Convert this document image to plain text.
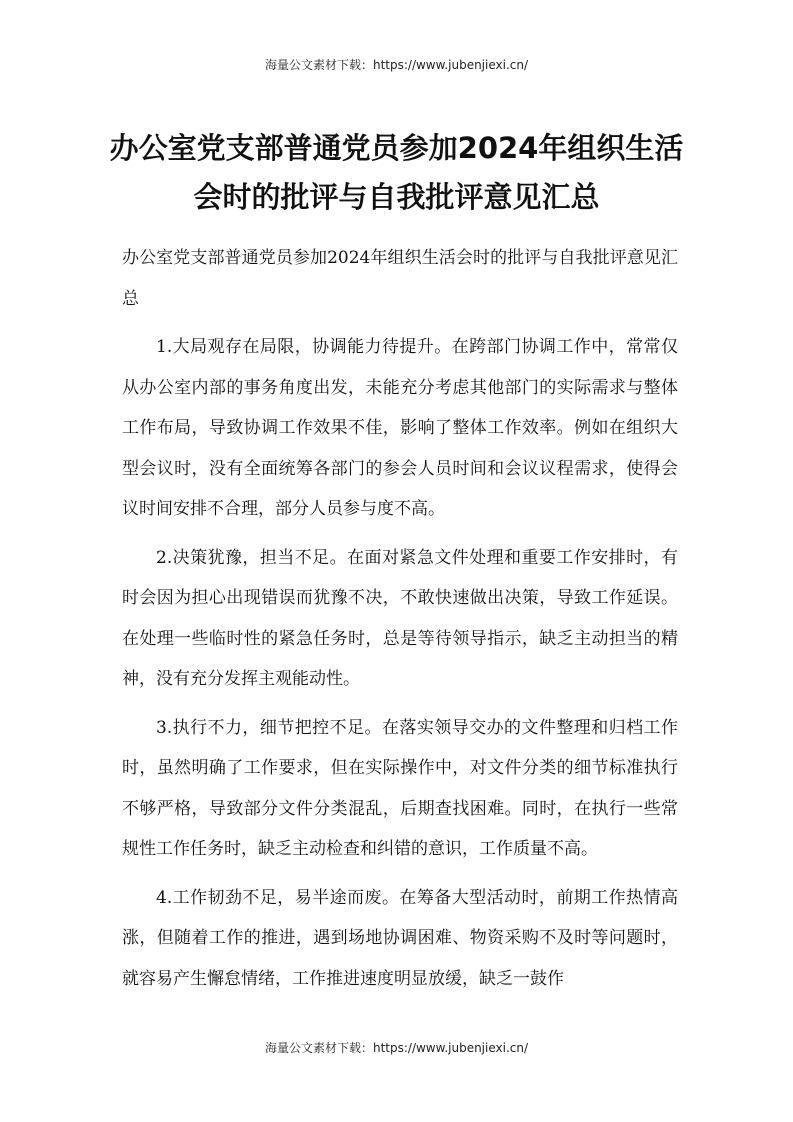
海量公文素材下载：https://www.jubenjiexi.cn/
办公室党支部普通党员参加2024年组织生活会时的批评与自我批评意见汇总

办公室党支部普通党员参加2024年组织生活会时的批评与自我批评意见汇总

1.大局观存在局限，协调能力待提升。在跨部门协调工作中，常常仅从办公室内部的事务角度出发，未能充分考虑其他部门的实际需求与整体工作布局，导致协调工作效果不佳，影响了整体工作效率。例如在组织大型会议时，没有全面统筹各部门的参会人员时间和会议议程需求，使得会议时间安排不合理，部分人员参与度不高。

2.决策犹豫，担当不足。在面对紧急文件处理和重要工作安排时，有时会因为担心出现错误而犹豫不决，不敢快速做出决策，导致工作延误。在处理一些临时性的紧急任务时，总是等待领导指示，缺乏主动担当的精神，没有充分发挥主观能动性。

3.执行不力，细节把控不足。在落实领导交办的文件整理和归档工作时，虽然明确了工作要求，但在实际操作中，对文件分类的细节标准执行不够严格，导致部分文件分类混乱，后期查找困难。同时，在执行一些常规性工作任务时，缺乏主动检查和纠错的意识，工作质量不高。

4.工作韧劲不足，易半途而废。在筹备大型活动时，前期工作热情高涨，但随着工作的推进，遇到场地协调困难、物资采购不及时等问题时，就容易产生懈怠情绪，工作推进速度明显放缓，缺乏一鼓作

海量公文素材下载：https://www.jubenjiexi.cn/
